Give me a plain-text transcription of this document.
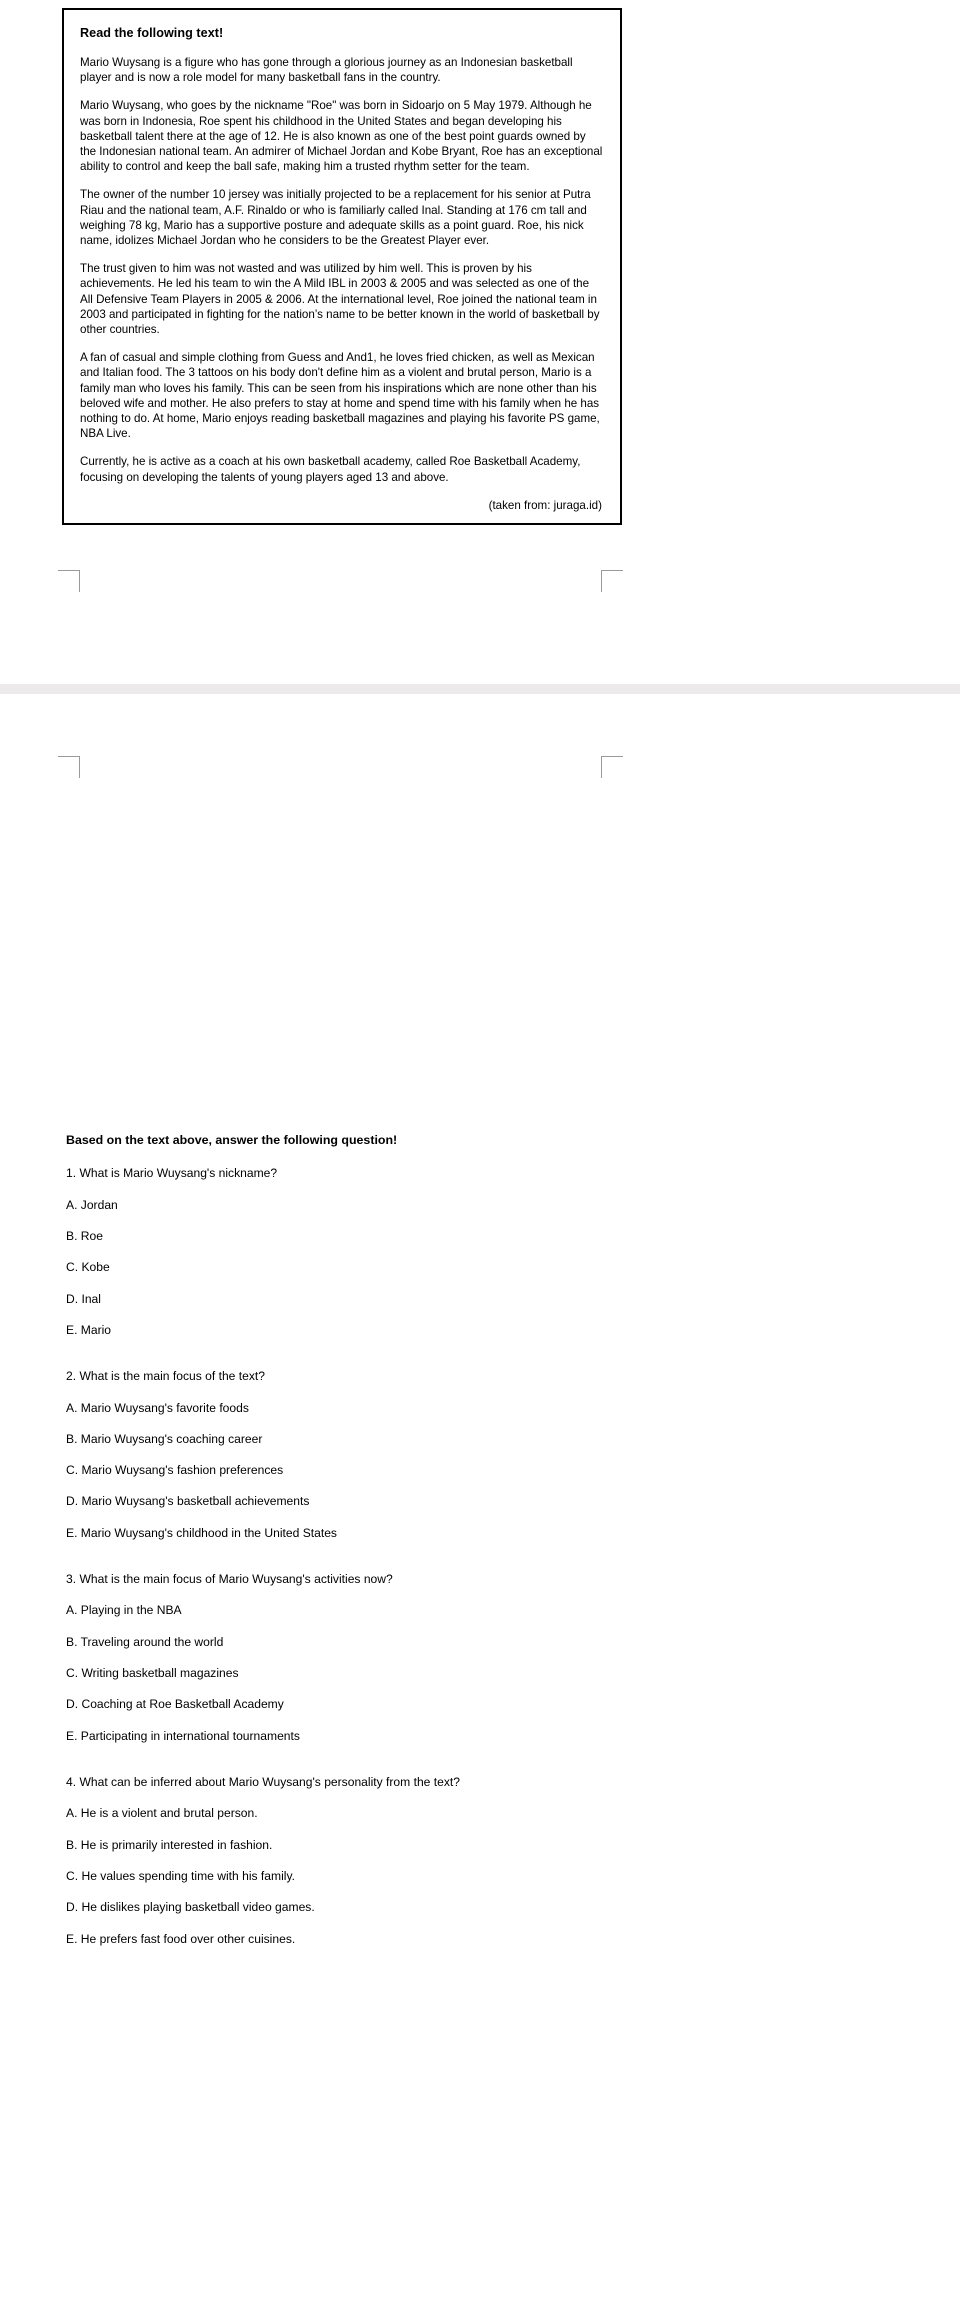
Read the following text!

Mario Wuysang is a figure who has gone through a glorious journey as an Indonesian basketball player and is now a role model for many basketball fans in the country.

Mario Wuysang, who goes by the nickname "Roe" was born in Sidoarjo on 5 May 1979. Although he was born in Indonesia, Roe spent his childhood in the United States and began developing his basketball talent there at the age of 12. He is also known as one of the best point guards owned by the Indonesian national team. An admirer of Michael Jordan and Kobe Bryant, Roe has an exceptional ability to control and keep the ball safe, making him a trusted rhythm setter for the team.

The owner of the number 10 jersey was initially projected to be a replacement for his senior at Putra Riau and the national team, A.F. Rinaldo or who is familiarly called Inal. Standing at 176 cm tall and weighing 78 kg, Mario has a supportive posture and adequate skills as a point guard. Roe, his nick name, idolizes Michael Jordan who he considers to be the Greatest Player ever.

The trust given to him was not wasted and was utilized by him well. This is proven by his achievements. He led his team to win the A Mild IBL in 2003 & 2005 and was selected as one of the All Defensive Team Players in 2005 & 2006. At the international level, Roe joined the national team in 2003 and participated in fighting for the nation’s name to be better known in the world of basketball by other countries.

A fan of casual and simple clothing from Guess and And1, he loves fried chicken, as well as Mexican and Italian food. The 3 tattoos on his body don't define him as a violent and brutal person, Mario is a family man who loves his family. This can be seen from his inspirations which are none other than his beloved wife and mother. He also prefers to stay at home and spend time with his family when he has nothing to do. At home, Mario enjoys reading basketball magazines and playing his favorite PS game, NBA Live.

Currently, he is active as a coach at his own basketball academy, called Roe Basketball Academy, focusing on developing the talents of young players aged 13 and above.

(taken from: juraga.id)

Based on the text above, answer the following question!

1. What is Mario Wuysang's nickname?

A. Jordan

B. Roe

C. Kobe

D. Inal

E. Mario

2. What is the main focus of the text?

A. Mario Wuysang's favorite foods

B. Mario Wuysang's coaching career

C. Mario Wuysang's fashion preferences

D. Mario Wuysang's basketball achievements

E. Mario Wuysang's childhood in the United States

3. What is the main focus of Mario Wuysang's activities now?

A. Playing in the NBA

B. Traveling around the world

C. Writing basketball magazines

D. Coaching at Roe Basketball Academy

E. Participating in international tournaments

4. What can be inferred about Mario Wuysang's personality from the text?

A. He is a violent and brutal person.

B. He is primarily interested in fashion.

C. He values spending time with his family.

D. He dislikes playing basketball video games.

E. He prefers fast food over other cuisines.
